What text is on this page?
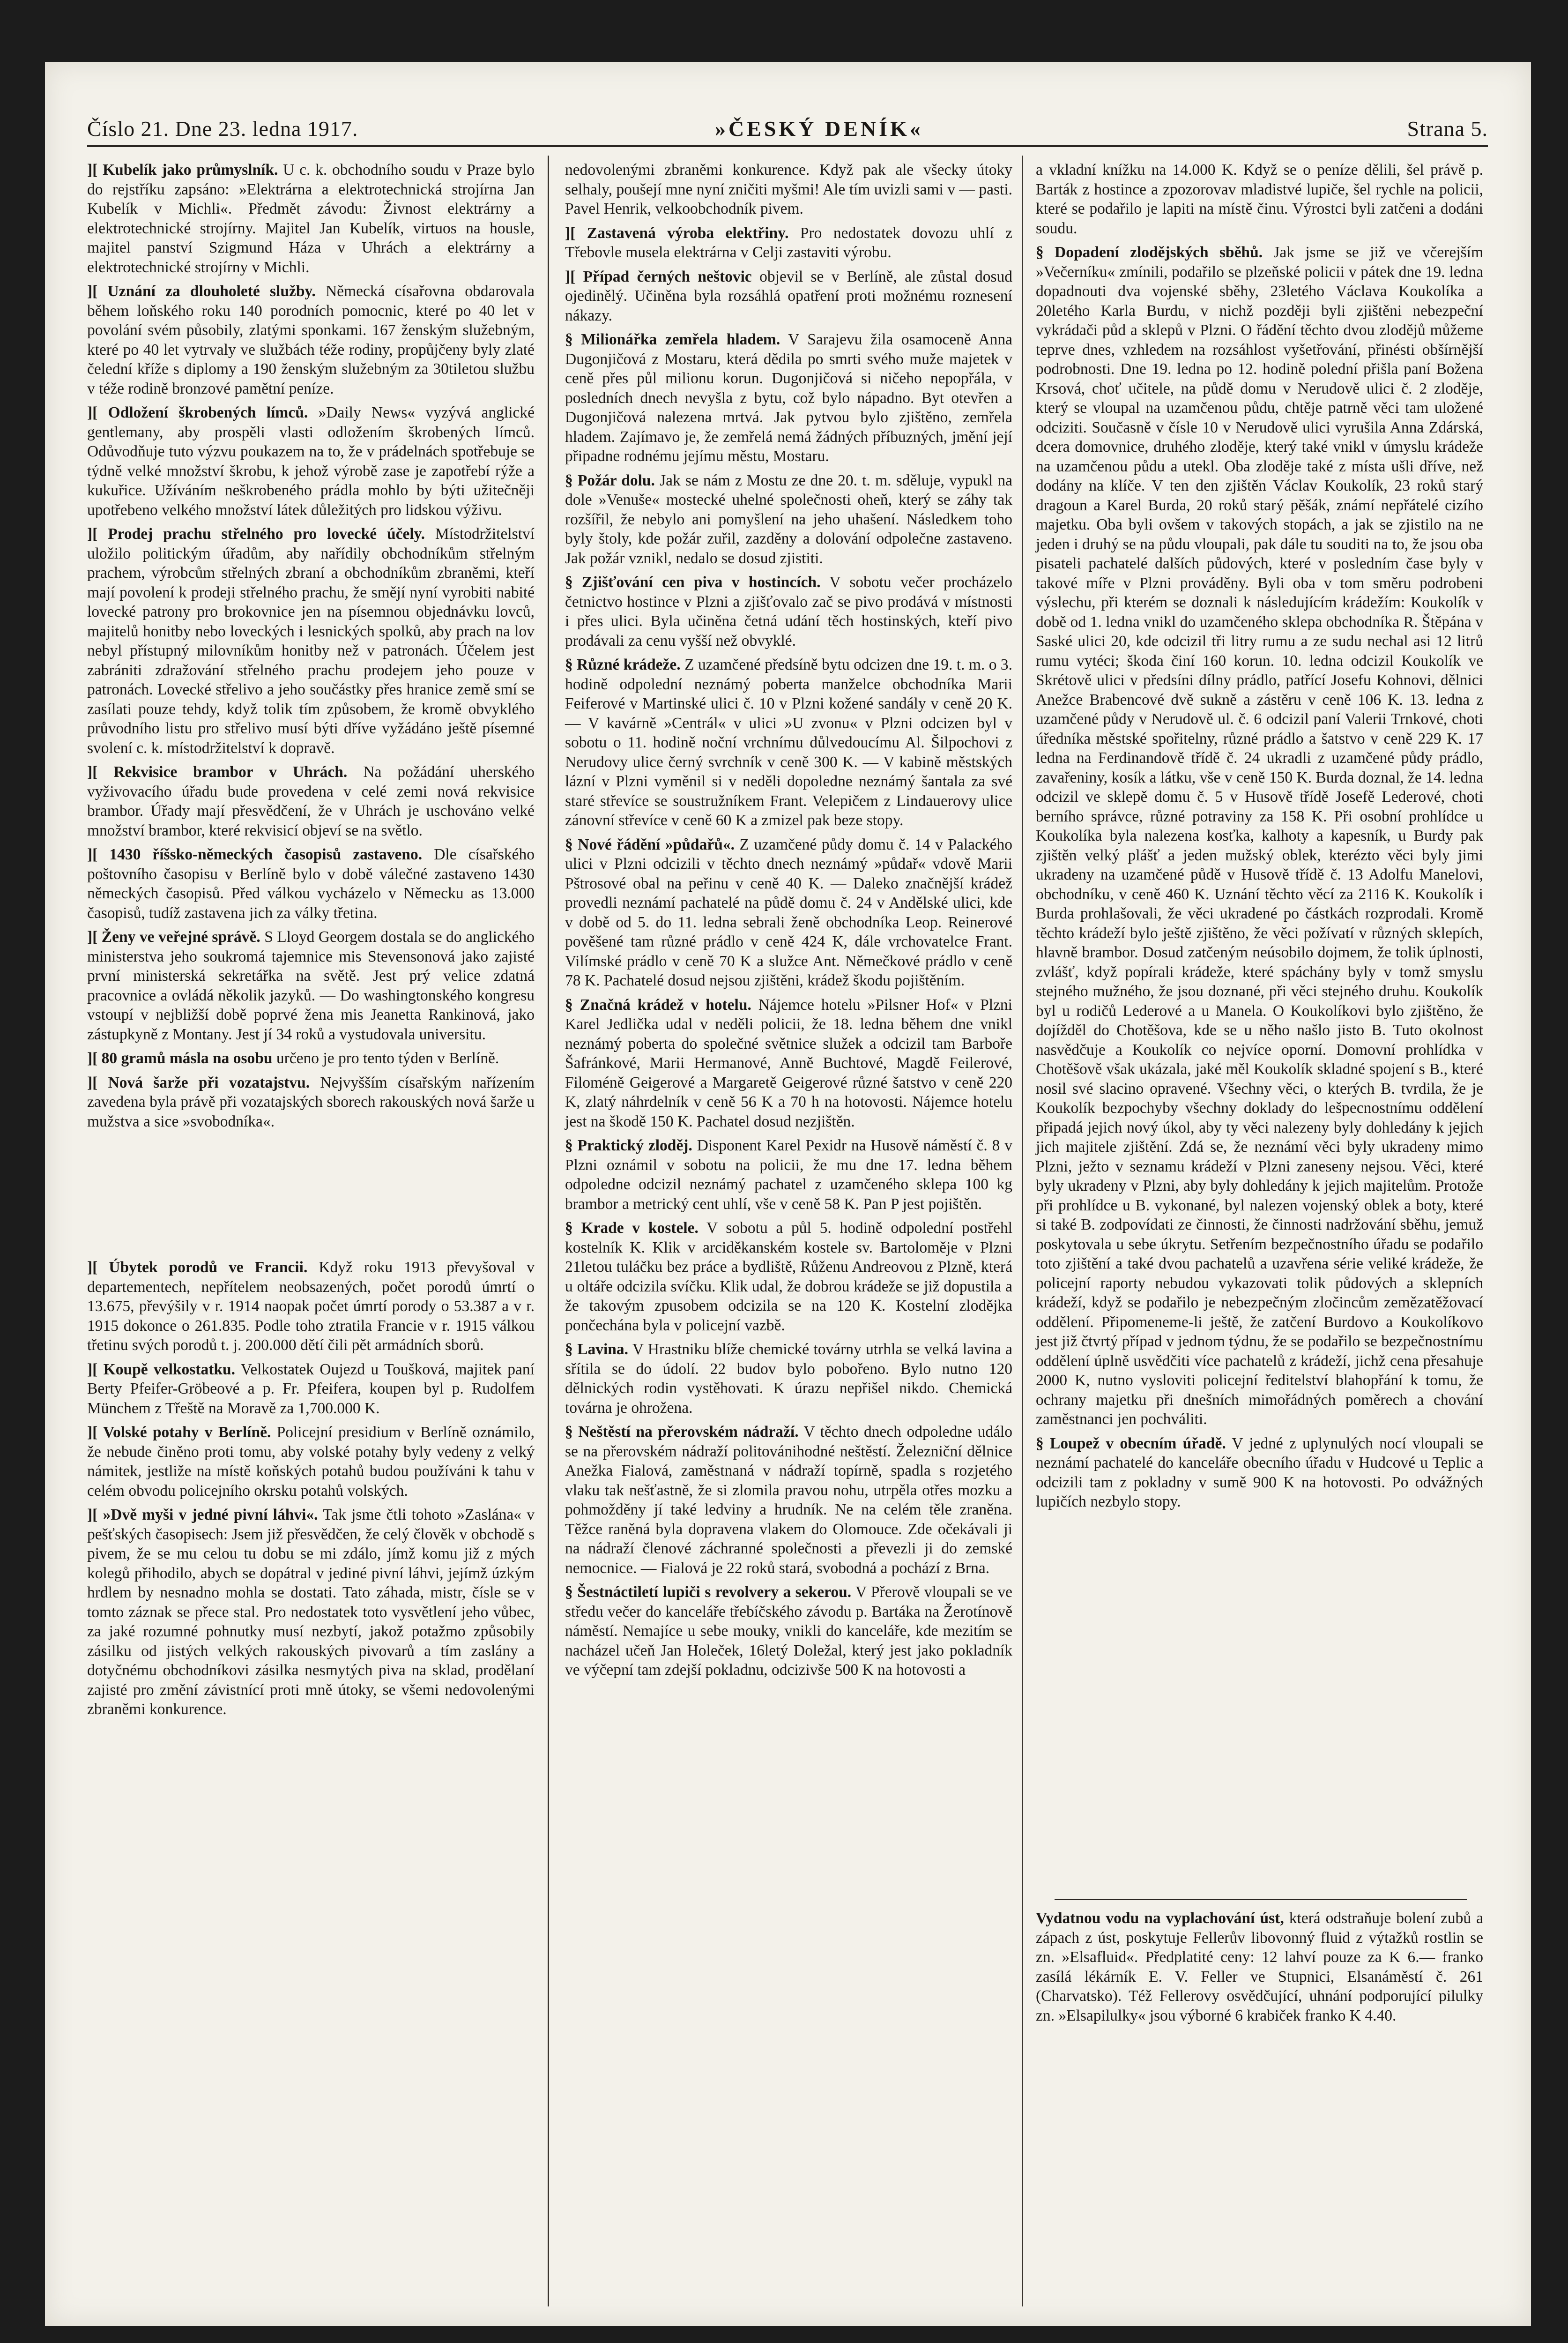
Číslo 21. Dne 23. ledna 1917.	»ČESKÝ DENÍK«	Strana 5.

][ Kubelík jako průmyslník. U c. k. obchodního soudu v Praze bylo do rejstříku zapsáno: »Elektrárna a elektrotechnická strojírna Jan Kubelík v Michli«. Předmět závodu: Živnost elektrárny a elektrotechnické strojírny. Majitel Jan Kubelík, virtuos na housle, majitel panství Szigmund Háza v Uhrách a elektrárny a elektrotechnické strojírny v Michli.

][ Uznání za dlouholeté služby. Německá císařovna obdarovala během loňského roku 140 porodních pomocnic, které po 40 let v povolání svém působily, zlatými sponkami. 167 ženským služebným, které po 40 let vytrvaly ve službách téže rodiny, propůjčeny byly zlaté čelední kříže s diplomy a 190 ženským služebným za 30tiletou službu v téže rodině bronzové pamětní peníze.

][ Odložení škrobených límců. »Daily News« vyzývá anglické gentlemany, aby prospěli vlasti odložením škrobených límců. Odůvodňuje tuto výzvu poukazem na to, že v prádelnách spotřebuje se týdně velké množství škrobu, k jehož výrobě zase je zapotřebí rýže a kukuřice. Užíváním neškrobeného prádla mohlo by býti užitečněji upotřebeno velkého množství látek důležitých pro lidskou výživu.

][ Prodej prachu střelného pro lovecké účely. Místodržitelství uložilo politickým úřadům, aby nařídily obchodníkům střelným prachem, výrobcům střelných zbraní a obchodníkům zbraněmi, kteří mají povolení k prodeji střelného prachu, že smějí nyní vyrobiti nabité lovecké patrony pro brokovnice jen na písemnou objednávku lovců, majitelů honitby nebo loveckých i lesnických spolků, aby prach na lov nebyl přístupný milovníkům honitby než v patronách. Účelem jest zabrániti zdražování střelného prachu prodejem jeho pouze v patronách. Lovecké střelivo a jeho součástky přes hranice země smí se zasílati pouze tehdy, když tolik tím způsobem, že kromě obvyklého průvodního listu pro střelivo musí býti dříve vyžádáno ještě písemné svolení c. k. místodržitelství k dopravě.

][ Rekvisice brambor v Uhrách. Na požádání uherského vyživovacího úřadu bude provedena v celé zemi nová rekvisice brambor. Úřady mají přesvědčení, že v Uhrách je uschováno velké množství brambor, které rekvisicí objeví se na světlo.

][ 1430 říšsko-německých časopisů zastaveno. Dle císařského poštovního časopisu v Berlíně bylo v době válečné zastaveno 1430 německých časopisů. Před válkou vycházelo v Německu as 13.000 časopisů, tudíž zastavena jich za války třetina.

][ Ženy ve veřejné správě. S Lloyd Georgem dostala se do anglického ministerstva jeho soukromá tajemnice mis Stevensonová jako zajisté první ministerská sekretářka na světě. Jest prý velice zdatná pracovnice a ovládá několik jazyků. — Do washingtonského kongresu vstoupí v nejbližší době poprvé žena mis Jeanetta Rankinová, jako zástupkyně z Montany. Jest jí 34 roků a vystudovala universitu.

][ 80 gramů másla na osobu určeno je pro tento týden v Berlíně.

][ Nová šarže při vozatajstvu. Nejvyšším císařským nařízením zavedena byla právě při vozatajských sborech rakouských nová šarže u mužstva a sice »svobodníka«.

][ Úbytek porodů ve Francii. Když roku 1913 převyšoval v departementech, nepřítelem neobsazených, počet porodů úmrtí o 13.675, převýšily v r. 1914 naopak počet úmrtí porody o 53.387 a v r. 1915 dokonce o 261.835. Podle toho ztratila Francie v r. 1915 válkou třetinu svých porodů t. j. 200.000 dětí čili pět armádních sborů.

][ Koupě velkostatku. Velkostatek Oujezd u Toušková, majitek paní Berty Pfeifer-Gröbeové a p. Fr. Pfeifera, koupen byl p. Rudolfem Münchem z Třeště na Moravě za 1,700.000 K.

][ Volské potahy v Berlíně. Policejní presidium v Berlíně oznámilo, že nebude činěno proti tomu, aby volské potahy byly vedeny z velký námitek, jestliže na místě koňských potahů budou používáni k tahu v celém obvodu policejního okrsku potahů volských.

][ »Dvě myši v jedné pivní láhvi«. Tak jsme čtli tohoto »Zaslána« v pešťských časopisech: Jsem již přesvědčen, že celý člověk v obchodě s pivem, že se mu celou tu dobu se mi zdálo, jímž komu již z mých kolegů přihodilo, abych se dopátral v jediné pivní láhvi, jejímž úzkým hrdlem by nesnadno mohla se dostati. Tato záhada, mistr, čísle se v tomto záznak se přece stal. Pro nedostatek toto vysvětlení jeho vůbec, za jaké rozumné pohnutky musí nezbytí, jakož potažmo způsobily zásilku od jistých velkých rakouských pivovarů a tím zaslány a dotyčnému obchodníkovi zásilka nesmytých piva na sklad, prodělaní zajisté pro změní závistnící proti mně útoky, se všemi nedovolenými zbraněmi konkurence.

nedovolenými zbraněmi konkurence. Když pak ale všecky útoky selhaly, poušejí mne nyní zničiti myšmi! Ale tím uvizli sami v — pasti. Pavel Henrik, velkoobchodník pivem.

][ Zastavená výroba elektřiny. Pro nedostatek dovozu uhlí z Třebovle musela elektrárna v Celji zastaviti výrobu.

][ Případ černých neštovic objevil se v Berlíně, ale zůstal dosud ojedinělý. Učiněna byla rozsáhlá opatření proti možnému roznesení nákazy.

§ Milionářka zemřela hladem. V Sarajevu žila osamoceně Anna Dugonjičová z Mostaru, která dědila po smrti svého muže majetek v ceně přes půl milionu korun. Dugonjičová si ničeho nepopřála, v posledních dnech nevyšla z bytu, což bylo nápadno. Byt otevřen a Dugonjičová nalezena mrtvá. Jak pytvou bylo zjištěno, zemřela hladem. Zajímavo je, že zemřelá nemá žádných příbuzných, jmění její připadne rodnému jejímu městu, Mostaru.

§ Požár dolu. Jak se nám z Mostu ze dne 20. t. m. sděluje, vypukl na dole »Venuše« mostecké uhelné společnosti oheň, který se záhy tak rozšířil, že nebylo ani pomyšlení na jeho uhašení. Následkem toho byly štoly, kde požár zuřil, zazděny a dolování odpolečne zastaveno. Jak požár vznikl, nedalo se dosud zjistiti.

§ Zjišťování cen piva v hostincích. V sobotu večer procházelo četnictvo hostince v Plzni a zjišťovalo zač se pivo prodává v místnosti i přes ulici. Byla učiněna četná udání těch hostinských, kteří pivo prodávali za cenu vyšší než obvyklé.

§ Různé krádeže. Z uzamčené předsíně bytu odcizen dne 19. t. m. o 3. hodině odpolední neznámý poberta manželce obchodníka Marii Feiferové v Martinské ulici č. 10 v Plzni kožené sandály v ceně 20 K. — V kavárně »Centrál« v ulici »U zvonu« v Plzni odcizen byl v sobotu o 11. hodině noční vrchnímu důlvedoucímu Al. Šilpochovi z Nerudovy ulice černý svrchník v ceně 300 K. — V kabině městských lázní v Plzni vyměnil si v neděli dopoledne neznámý šantala za své staré střevíce se soustružníkem Frant. Velepičem z Lindauerovy ulice zánovní střevíce v ceně 60 K a zmizel pak beze stopy.

§ Nové řádění »půdařů«. Z uzamčené půdy domu č. 14 v Palackého ulici v Plzni odcizili v těchto dnech neznámý »půdař« vdově Marii Pštrosové obal na peřinu v ceně 40 K. — Dalekо značnější krádež provedli neznámí pachatelé na půdě domu č. 24 v Andělské ulici, kde v době od 5. do 11. ledna sebrali ženě obchodníka Leop. Reinerové pověšené tam různé prádlo v ceně 424 K, dále vrchovatelce Frant. Vilímské prádlo v ceně 70 K a služce Ant. Němečkové prádlo v ceně 78 K. Pachatelé dosud nejsou zjištěni, krádež škodu pojištěním.

§ Značná krádež v hotelu. Nájemce hotelu »Pilsner Hof« v Plzni Karel Jedlička udal v neděli policii, že 18. ledna během dne vnikl neznámý poberta do společné světnice služek a odcizil tam Barboře Šafránkové, Marii Hermanové, Anně Buchtové, Magdě Feilerové, Filoméně Geigerové a Margaretě Geigerové různé šatstvo v ceně 220 K, zlatý náhrdelník v ceně 56 K a 70 h na hotovosti. Nájemce hotelu jest na škodě 150 K. Pachatel dosud nezjištěn.

§ Praktický zloděj. Disponent Karel Pexidr na Husově náměstí č. 8 v Plzni oznámil v sobotu na policii, že mu dne 17. ledna během odpoledne odcizil neznámý pachatel z uzamčeného sklepa 100 kg brambor a metrický cent uhlí, vše v ceně 58 K. Pan P jest pojištěn.

§ Krade v kostele. V sobotu a půl 5. hodině odpolední postřehl kostelník K. Klik v arciděkanském kostele sv. Bartoloměje v Plzni 21letou tuláčku bez práce a bydliště, Růženu Andreovou z Plzně, která u oltáře odcizila svíčku. Klik udal, že dobrou krádeže se již dopustila a že takovým zpusobem odcizila se na 120 K. Kostelní zlodějka pončechána byla v policejní vazbě.

§ Lavina. V Hrastniku blíže chemické továrny utrhla se velká lavina a sřítila se do údolí. 22 budov bylo pobořeno. Bylo nutno 120 dělnických rodin vystěhovati. K úrazu nepřišel nikdo. Chemická továrna je ohrožena.

§ Neštěstí na přerovském nádraží. V těchto dnech odpoledne událo se na přerovském nádraží politovánihodné neštěstí. Železniční dělnice Anežka Fialová, zaměstnaná v nádraží topírně, spadla s rozjetého vlaku tak nešťastně, že si zlomila pravou nohu, utrpěla otřes mozku a pohmožděny jí také ledviny a hrudník. Ne na celém těle zraněna. Těžce raněná byla dopravena vlakem do Olomouce. Zde očekávali ji na nádraží členové záchranné společnosti a převezli ji do zemské nemocnice. — Fialová je 22 roků stará, svobodná a pochází z Brna.

§ Šestnáctiletí lupiči s revolvery a sekerou. V Přerově vloupali se ve středu večer do kanceláře třebíčského závodu p. Bartáka na Žerotínově náměstí. Nemajíce u sebe mouky, vnikli do kanceláře, kde mezitím se nacházel učeň Jan Holeček, 16letý Doležal, který jest jako pokladník ve výčepní tam zdejší pokladnu, odcizivše 500 K na hotovosti a

a vkladní knížku na 14.000 K. Když se o peníze dělili, šel právě p. Barták z hostince a zpozorovav mladistvé lupiče, šel rychle na policii, které se podařilo je lapiti na místě činu. Výrostci byli zatčeni a dodáni soudu.

§ Dopadení zlodějských sběhů. Jak jsme se již ve včerejším »Večerníku« zmínili, podařilo se plzeňské policii v pátek dne 19. ledna dopadnouti dva vojenské sběhy, 23letého Václava Koukolíka a 20letého Karla Burdu, v nichž později byli zjištěni nebezpeční vykrádači půd a sklepů v Plzni. O řádění těchto dvou zlodějů můžeme teprve dnes, vzhledem na rozsáhlost vyšetřování, přinésti obšírnější podrobnosti. Dne 19. ledna po 12. hodině polední přišla paní Božena Krsová, choť učitele, na půdě domu v Nerudově ulici č. 2 zloděje, který se vloupal na uzamčenou půdu, chtěje patrně věci tam uložené odciziti. Současně v čísle 10 v Nerudově ulici vyrušila Anna Zdárská, dcera domovnice, druhého zloděje, který také vnikl v úmyslu krádeže na uzamčenou půdu a utekl. Oba zloděje také z místa ušli dříve, než dodány na klíče. V ten den zjištěn Václav Koukolík, 23 roků starý dragoun a Karel Burda, 20 roků starý pěšák, známí nepřátelé cizího majetku. Oba byli ovšem v takových stopách, a jak se zjistilo na ne jeden i druhý se na půdu vloupali, pak dále tu souditi na to, že jsou oba pisateli pachatelé dalších půdových, které v posledním čase byly v takové míře v Plzni prováděny. Byli oba v tom směru podrobeni výslechu, při kterém se doznali k následujícím krádežím: Koukolík v době od 1. ledna vnikl do uzamčeného sklepa obchodníka R. Štěpána v Saské ulici 20, kde odcizil tři litry rumu a ze sudu nechal asi 12 litrů rumu vytéci; škoda činí 160 korun. 10. ledna odcizil Koukolík ve Skrétově ulici v předsíni dílny prádlo, patřící Josefu Kohnovi, dělnici Anežce Brabencové dvě sukně a zástěru v ceně 106 K. 13. ledna z uzamčené půdy v Nerudově ul. č. 6 odcizil paní Valerii Trnkové, choti úředníka městské spořitelny, různé prádlo a šatstvo v ceně 229 K. 17 ledna na Ferdinandově třídě č. 24 ukradli z uzamčené půdy prádlo, zavařeniny, kosík a látku, vše v ceně 150 K. Burda doznal, že 14. ledna odcizil ve sklepě domu č. 5 v Husově třídě Josefě Lederové, choti berního správce, různé potraviny za 158 K. Při osobní prohlídce u Koukolíka byla nalezena kosťka, kalhoty a kapesník, u Burdy pak zjištěn velký plášť a jeden mužský oblek, kterézto věci byly jimi ukradeny na uzamčené půdě v Husově třídě č. 13 Adolfu Manelovi, obchodníku, v ceně 460 K. Uznání těchto věcí za 2116 K. Koukolík i Burda prohlašovali, že věci ukradené po částkách rozprodali. Kromě těchto krádeží bylo ještě zjištěno, že věci požívatí v různých sklepích, hlavně brambor. Dosud zatčeným neúsobilo dojmem, že tolik úplnosti, zvlášť, když popírali krádeže, které spáchány byly v tomž smyslu stejného mužného, že jsou doznané, při věci stejného druhu. Koukolík byl u rodičů Lederové a u Manela. O Koukolíkovi bylo zjištěno, že dojížděl do Chotěšova, kde se u něho našlo jisto B. Tuto okolnost nasvědčuje a Koukolík co nejvíce oporní. Domovní prohlídka v Chotěšově však ukázala, jaké měl Koukolík skladné spojení s B., které nosil své slacino opravené. Všechny věci, o kterých B. tvrdila, že je Koukolík bezpochyby všechny doklady do lešpecnostnímu oddělení připadá jejich nový úkol, aby ty věci nalezeny byly dohledány k jejich jich majitele zjištění. Zdá se, že neznámí věci byly ukradeny mimo Plzni, ježto v seznamu krádeží v Plzni zaneseny nejsou. Věci, které byly ukradeny v Plzni, aby byly dohledány k jejich majitelům. Protože při prohlídce u B. vykonané, byl nalezen vojenský oblek a boty, které si také B. zodpovídati ze činnosti, že činnosti nadržování sběhu, jemuž poskytovala u sebe úkrytu. Setřením bezpečnostního úřadu se podařilo toto zjištění a také dvou pachatelů a uzavřena série veliké krádeže, že policejní raporty nebudou vykazovati tolik půdových a sklepních krádeží, když se podařilo je nebezpečným zločincům zemězatěžovací oddělení. Připomeneme-li ještě, že zatčení Burdovo a Koukolíkovo jest již čtvrtý případ v jednom týdnu, že se podařilo se bezpečnostnímu oddělení úplně usvědčiti více pachatelů z krádeží, jichž cena přesahuje 2000 K, nutno vysloviti policejní ředitelství blahopřání k tomu, že ochrany majetku při dnešních mimořádných poměrech a chování zaměstnanci jen pochváliti.

§ Loupež v obecním úřadě. V jedné z uplynulých nocí vloupali se neznámí pachatelé do kanceláře obecního úřadu v Hudcové u Teplic a odcizili tam z pokladny v sumě 900 K na hotovosti. Po odvážných lupičích nezbylo stopy.

Vydatnou vodu na vyplachování úst, která odstraňuje bolení zubů a zápach z úst, poskytuje Fellerův libovonný fluid z výtažků rostlin se zn. »Elsafluid«. Předplatité ceny: 12 lahví pouze za K 6.— franko zasílá lékárník E. V. Feller ve Stupnici, Elsanáměstí č. 261 (Charvatsko). Též Fellerovy osvědčující, uhnání podporující pilulky zn. »Elsapilulky« jsou výborné 6 krabiček franko K 4.40.
